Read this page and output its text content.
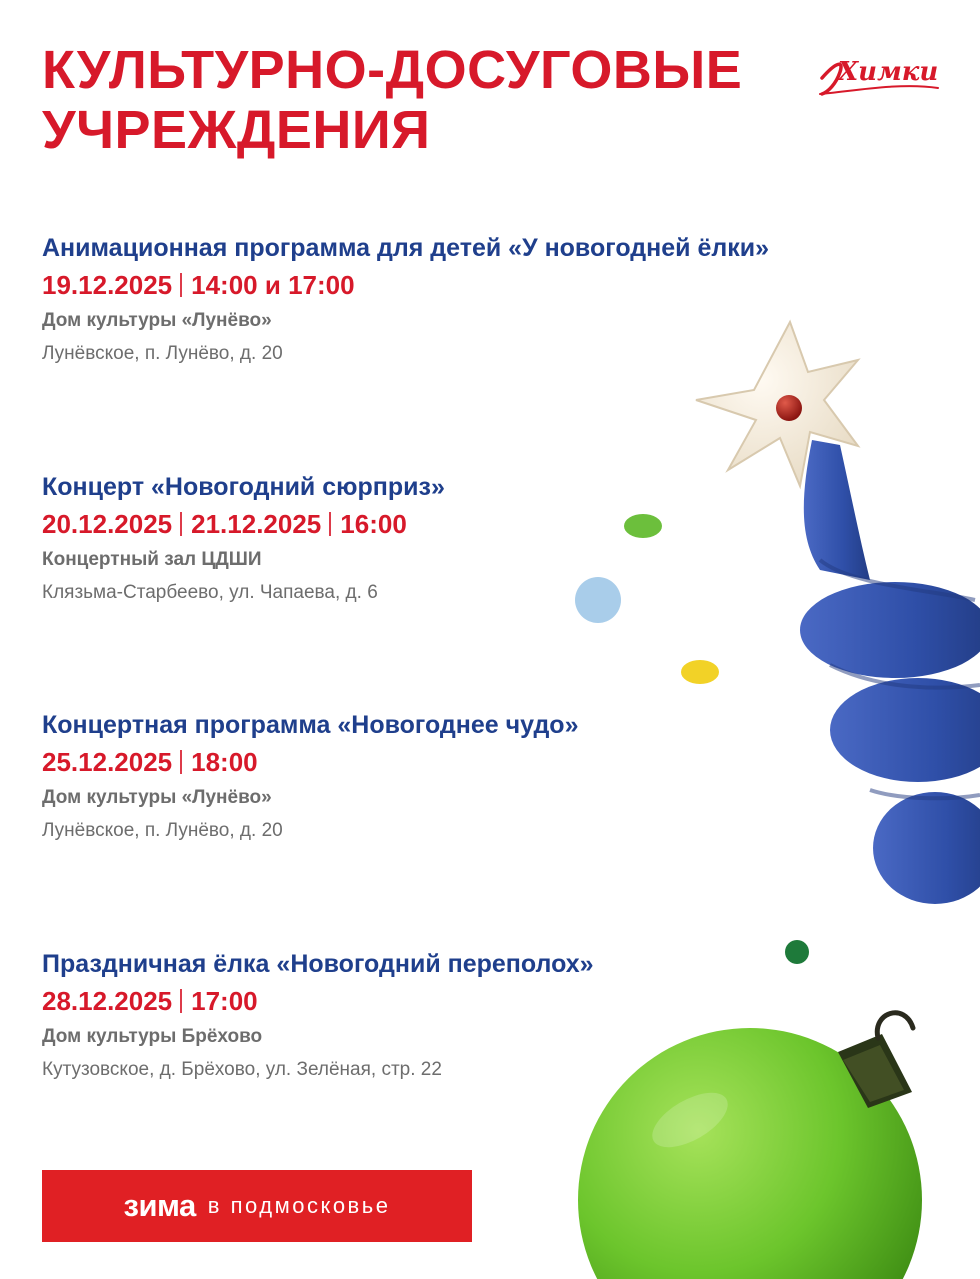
КУЛЬТУРНО-ДОСУГОВЫЕ
УЧРЕЖДЕНИЯ
Химки
Анимационная программа для детей «У новогодней ёлки»
19.12.2025 14:00 и 17:00
Дом культуры «Лунёво»
Лунёвское, п. Лунёво, д. 20
Концерт «Новогодний сюрприз»
20.12.2025 21.12.2025 16:00
Концертный зал ЦДШИ
Клязьма-Старбеево, ул. Чапаева, д. 6
Концертная программа «Новогоднее чудо»
25.12.2025 18:00
Дом культуры «Лунёво»
Лунёвское, п. Лунёво, д. 20
Праздничная ёлка «Новогодний переполох»
28.12.2025 17:00
Дом культуры Брёхово
Кутузовское, д. Брёхово, ул. Зелёная, стр. 22
зима в подмосковье
